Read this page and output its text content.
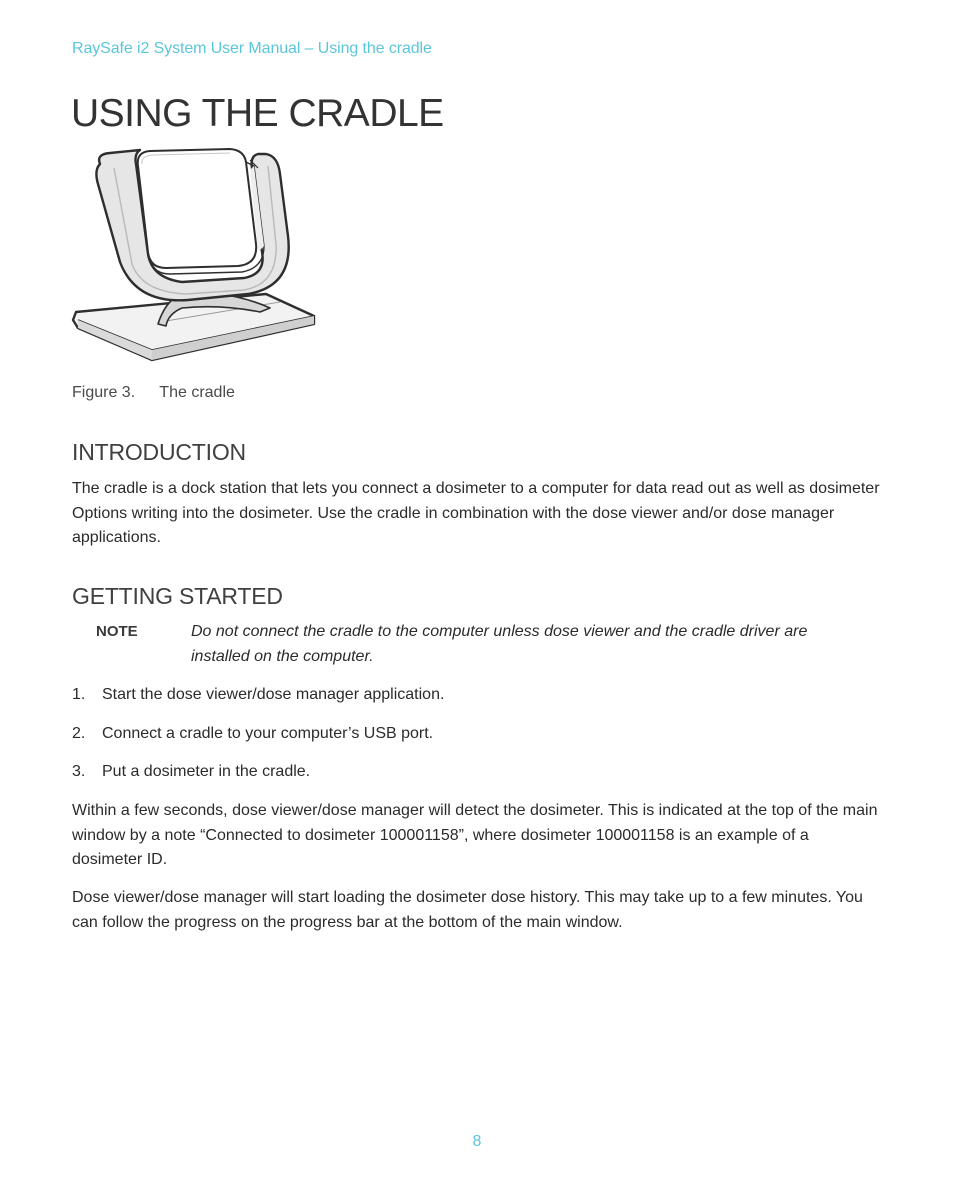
RaySafe i2 System User Manual – Using the cradle
USING THE CRADLE
Figure 3. The cradle
INTRODUCTION

The cradle is a dock station that lets you connect a dosimeter to a computer for data read out as well as dosimeter Options writing into the dosimeter. Use the cradle in combination with the dose viewer and/or dose manager applications.

GETTING STARTED
NOTE	Do not connect the cradle to the computer unless dose viewer and the cradle driver are installed on the computer.
1. Start the dose viewer/dose manager application.
2. Connect a cradle to your computer’s USB port.
3. Put a dosimeter in the cradle.

Within a few seconds, dose viewer/dose manager will detect the dosimeter. This is indicated at the top of the main window by a note “Connected to dosimeter 100001158”, where dosimeter 100001158 is an example of a dosimeter ID.

Dose viewer/dose manager will start loading the dosimeter dose history. This may take up to a few minutes. You can follow the progress on the progress bar at the bottom of the main window.

8
